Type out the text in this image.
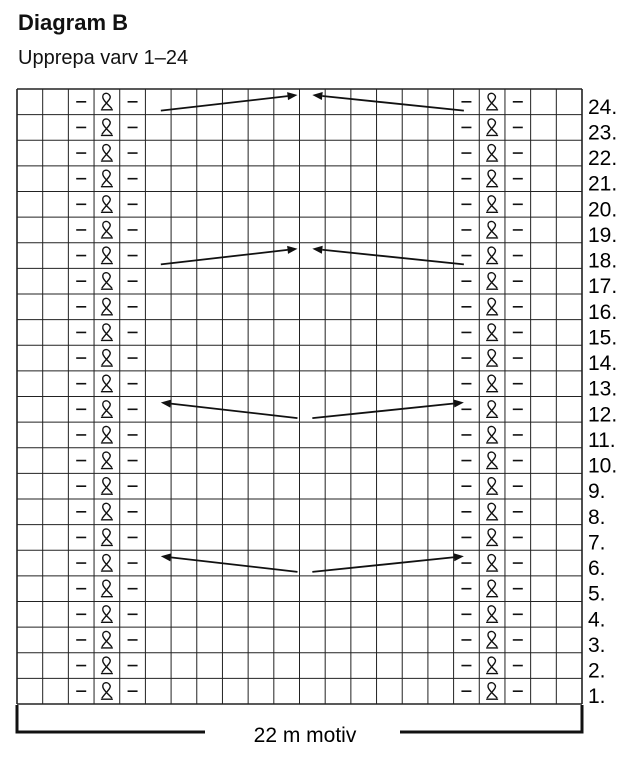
Diagram B
Upprepa varv 1–24
24.
23.
22.
21.
20.
19.
18.
17.
16.
15.
14.
13.
12.
11.
10.
9.
8.
7.
6.
5.
4.
3.
2.
1.
22 m motiv
